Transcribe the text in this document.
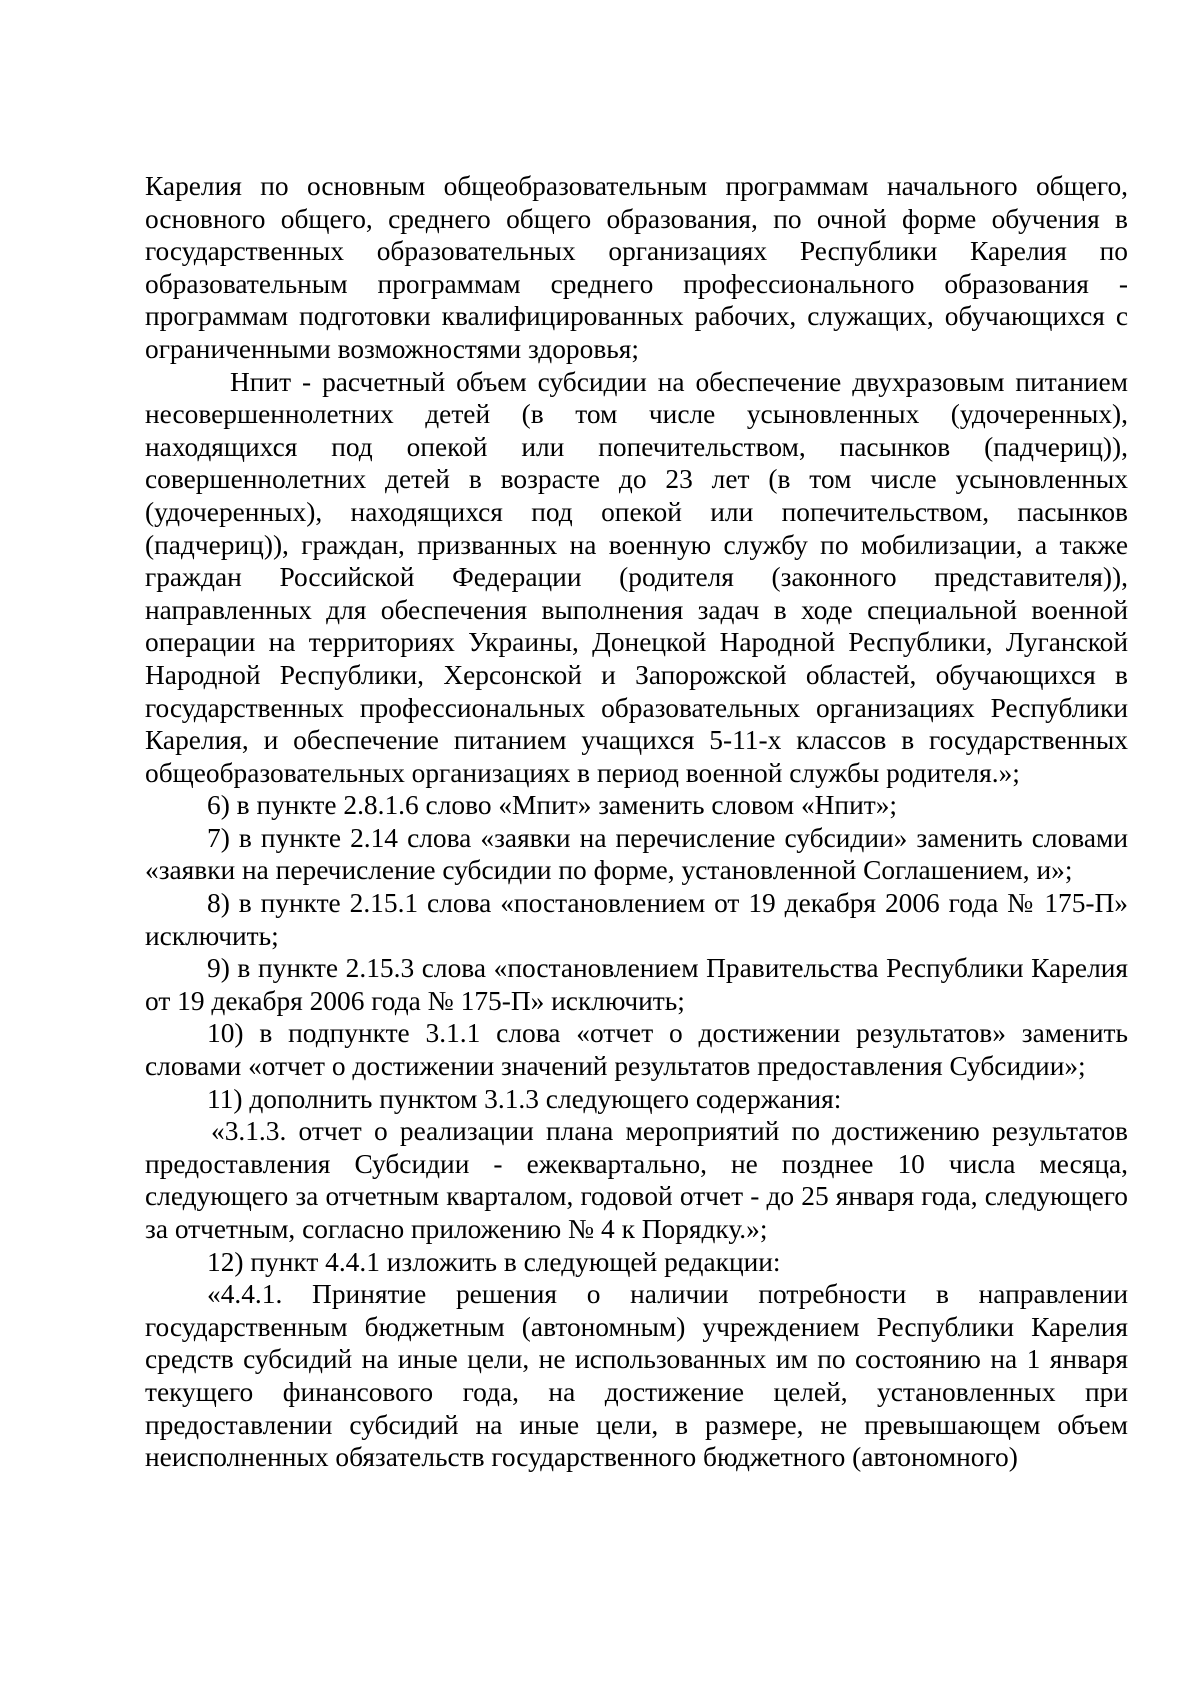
Карелия по основным общеобразовательным программам начального общего, основного общего, среднего общего образования, по очной форме обучения в государственных образовательных организациях Республики Карелия по образовательным программам среднего профессионального образования - программам подготовки квалифицированных рабочих, служащих, обучающихся с ограниченными возможностями здоровья;

Нпит - расчетный объем субсидии на обеспечение двухразовым питанием несовершеннолетних детей (в том числе усыновленных (удочеренных), находящихся под опекой или попечительством, пасынков (падчериц)), совершеннолетних детей в возрасте до 23 лет (в том числе усыновленных (удочеренных), находящихся под опекой или попечительством, пасынков (падчериц)), граждан, призванных на военную службу по мобилизации, а также граждан Российской Федерации (родителя (законного представителя)), направленных для обеспечения выполнения задач в ходе специальной военной операции на территориях Украины, Донецкой Народной Республики, Луганской Народной Республики, Херсонской и Запорожской областей, обучающихся в государственных профессиональных образовательных организациях Республики Карелия, и обеспечение питанием учащихся 5-11-х классов в государственных общеобразовательных организациях в период военной службы родителя.»;

6) в пункте 2.8.1.6 слово «Мпит» заменить словом «Нпит»;

7) в пункте 2.14 слова «заявки на перечисление субсидии» заменить словами «заявки на перечисление субсидии по форме, установленной Соглашением, и»;

8) в пункте 2.15.1 слова «постановлением от 19 декабря 2006 года № 175-П» исключить;

9) в пункте 2.15.3 слова «постановлением Правительства Республики Карелия от 19 декабря 2006 года № 175-П» исключить;

10) в подпункте 3.1.1 слова «отчет о достижении результатов» заменить словами «отчет о достижении значений результатов предоставления Субсидии»;

11) дополнить пунктом 3.1.3 следующего содержания:

«3.1.3. отчет о реализации плана мероприятий по достижению результатов предоставления Субсидии - ежеквартально, не позднее 10 числа месяца, следующего за отчетным кварталом, годовой отчет - до 25 января года, следующего за отчетным, согласно приложению № 4 к Порядку.»;

12) пункт 4.4.1 изложить в следующей редакции:

«4.4.1. Принятие решения о наличии потребности в направлении государственным бюджетным (автономным) учреждением Республики Карелия средств субсидий на иные цели, не использованных им по состоянию на 1 января текущего финансового года, на достижение целей, установленных при предоставлении субсидий на иные цели, в размере, не превышающем объем неисполненных обязательств государственного бюджетного (автономного)
